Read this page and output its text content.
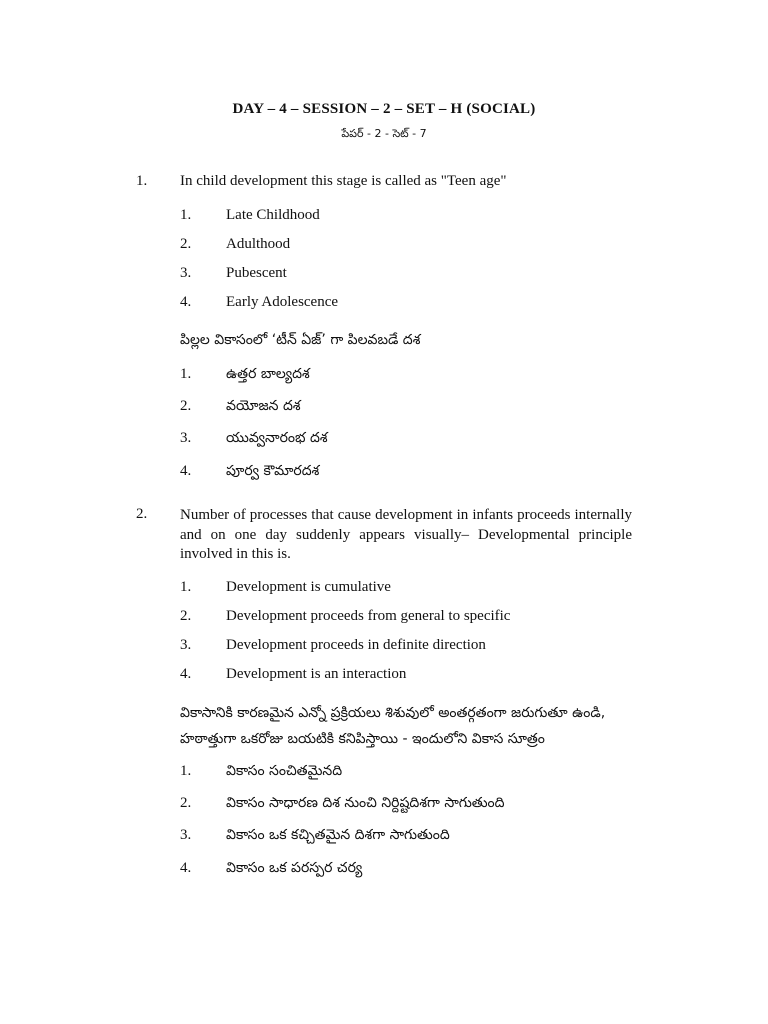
DAY – 4 – SESSION – 2 – SET – H (SOCIAL)
పేపర్ - 2 - సెట్ - 7
1. In child development this stage is called as "Teen age"
1. Late Childhood
2. Adulthood
3. Pubescent
4. Early Adolescence
పిల్లల వికాసంలో ‘టీన్ ఏజ్’ గా పిలవబడే దశ
1. ఉత్తర బాల్యదశ
2. వయోజన దశ
3. యువ్వనారంభ దశ
4. పూర్వ కౌమారదశ
2. Number of processes that cause development in infants proceeds internally and on one day suddenly appears visually– Developmental principle involved in this is.
1. Development is cumulative
2. Development proceeds from general to specific
3. Development proceeds in definite direction
4. Development is an interaction
వికాసానికి కారణమైన ఎన్నో ప్రక్రియలు శిశువులో అంతర్గతంగా జరుగుతూ ఉండి, హఠాత్తుగా ఒకరోజు బయటికి కనిపిస్తాయి - ఇందులోని వికాస సూత్రం
1. వికాసం సంచితమైనది
2. వికాసం సాధారణ దిశ నుంచి నిర్దిష్టదిశగా సాగుతుంది
3. వికాసం ఒక కచ్చితమైన దిశగా సాగుతుంది
4. వికాసం ఒక పరస్పర చర్య
